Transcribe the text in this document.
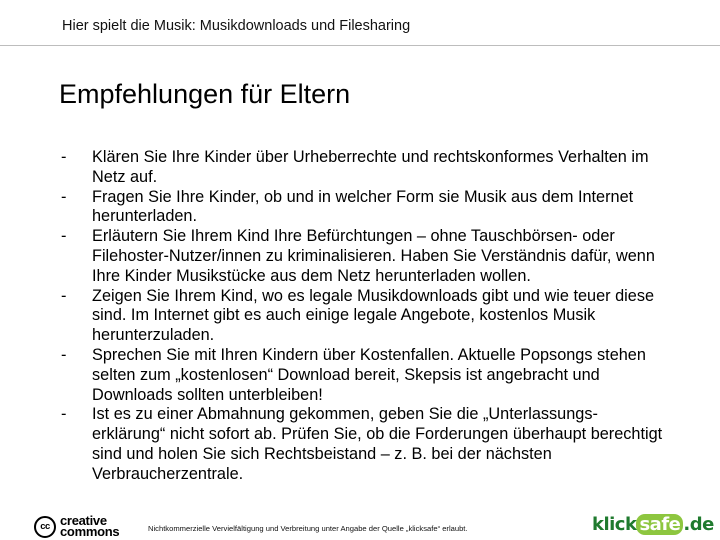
Hier spielt die Musik: Musikdownloads und Filesharing
Empfehlungen für Eltern
-	Klären Sie Ihre Kinder über Urheberrechte und rechtskonformes Verhalten im Netz auf.
-	Fragen Sie Ihre Kinder, ob und in welcher Form sie Musik aus dem Internet herunterladen.
-	Erläutern Sie Ihrem Kind Ihre Befürchtungen – ohne Tauschbörsen- oder Filehoster-Nutzer/innen zu kriminalisieren. Haben Sie Verständnis dafür, wenn Ihre Kinder Musikstücke aus dem Netz herunterladen wollen.
-	Zeigen Sie Ihrem Kind, wo es legale Musikdownloads gibt und wie teuer diese sind. Im Internet gibt es auch einige legale Angebote, kostenlos Musik herunterzuladen.
-	Sprechen Sie mit Ihren Kindern über Kostenfallen. Aktuelle Popsongs stehen selten zum „kostenlosen“ Download bereit, Skepsis ist angebracht und Downloads sollten unterbleiben!
-	Ist es zu einer Abmahnung gekommen, geben Sie die „Unterlassungs-erklärung“ nicht sofort ab. Prüfen Sie, ob die Forderungen überhaupt berechtigt sind und holen Sie sich Rechtsbeistand – z. B. bei der nächsten Verbraucherzentrale.
cc creative
commons	Nichtkommerzielle Vervielfältigung und Verbreitung unter Angabe der Quelle „klicksafe“ erlaubt.	klick safe .de
